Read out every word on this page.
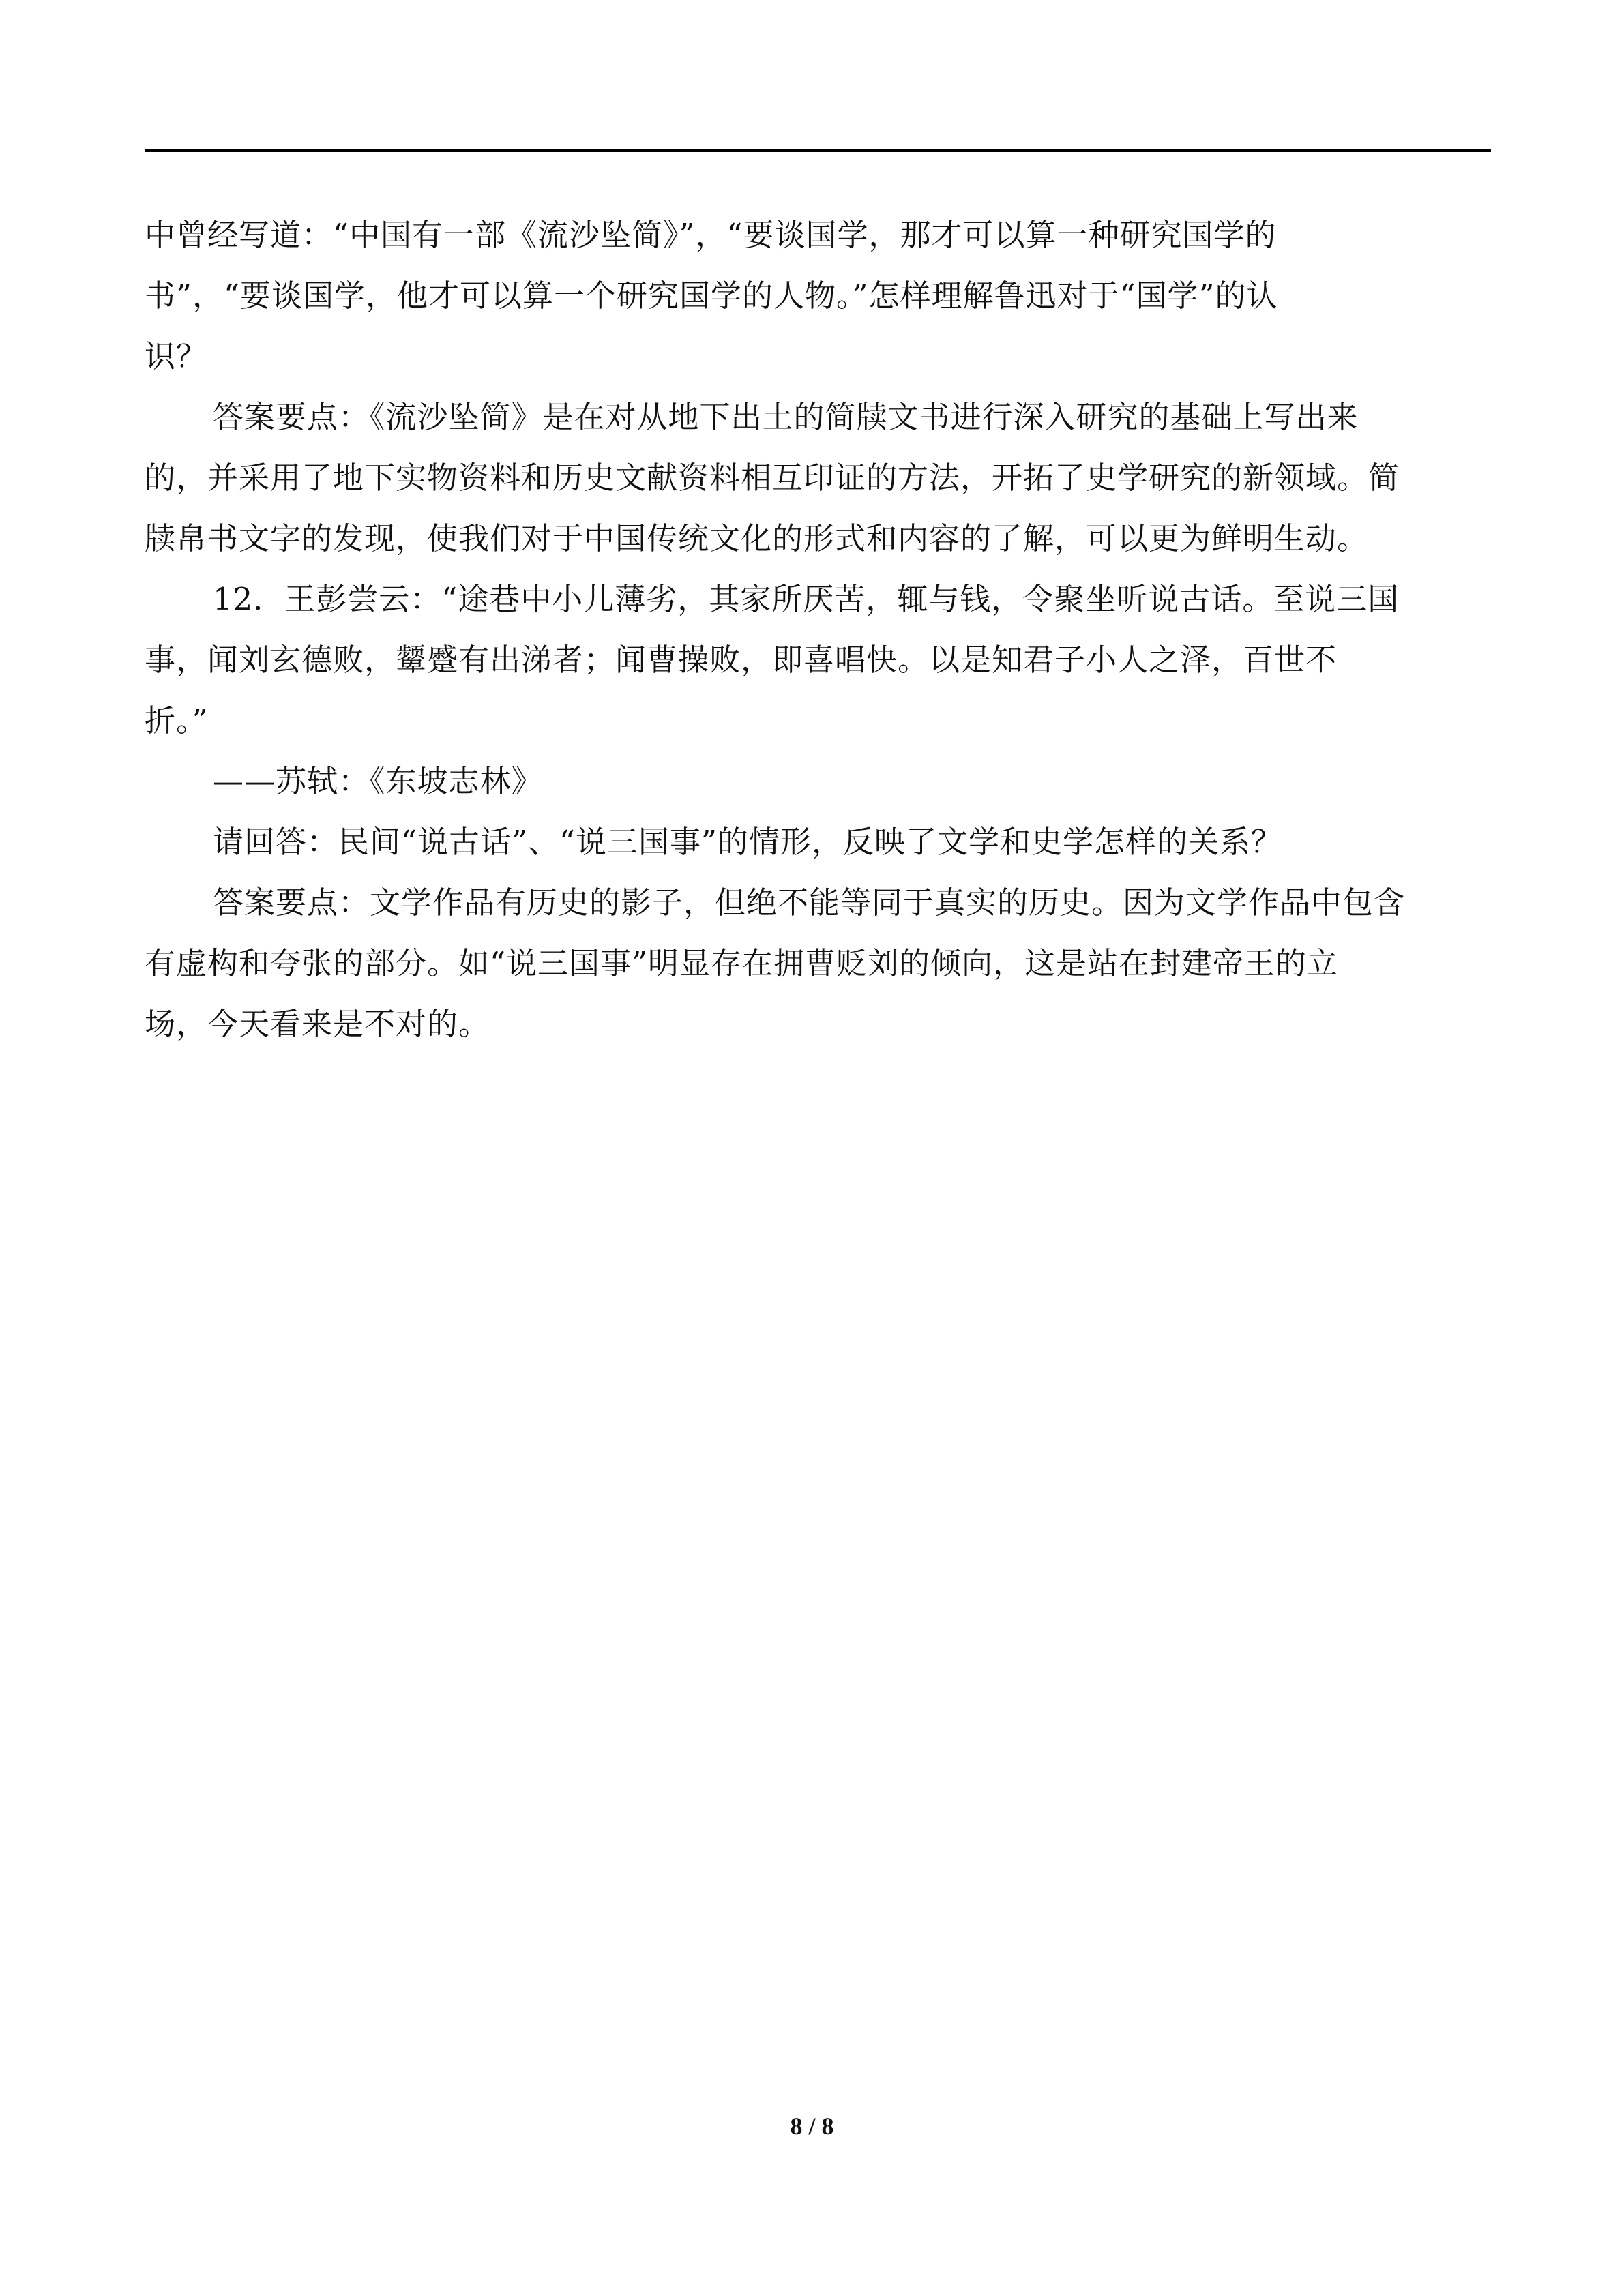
中曾经写道：“中国有一部《流沙坠简》”，“要谈国学，那才可以算一种研究国学的
书”，“要谈国学，他才可以算一个研究国学的人物。”怎样理解鲁迅对于“国学”的认
识？

答案要点：《流沙坠简》是在对从地下出土的简牍文书进行深入研究的基础上写出来
的，并采用了地下实物资料和历史文献资料相互印证的方法，开拓了史学研究的新领域。简
牍帛书文字的发现，使我们对于中国传统文化的形式和内容的了解，可以更为鲜明生动。

12．王彭尝云：“途巷中小儿薄劣，其家所厌苦，辄与钱，令聚坐听说古话。至说三国
事，闻刘玄德败，颦蹙有出涕者；闻曹操败，即喜唱快。以是知君子小人之泽，百世不
折。”

——苏轼：《东坡志林》

请回答：民间“说古话”、“说三国事”的情形，反映了文学和史学怎样的关系？

答案要点：文学作品有历史的影子，但绝不能等同于真实的历史。因为文学作品中包含
有虚构和夸张的部分。如“说三国事”明显存在拥曹贬刘的倾向，这是站在封建帝王的立
场，今天看来是不对的。

8 / 8
